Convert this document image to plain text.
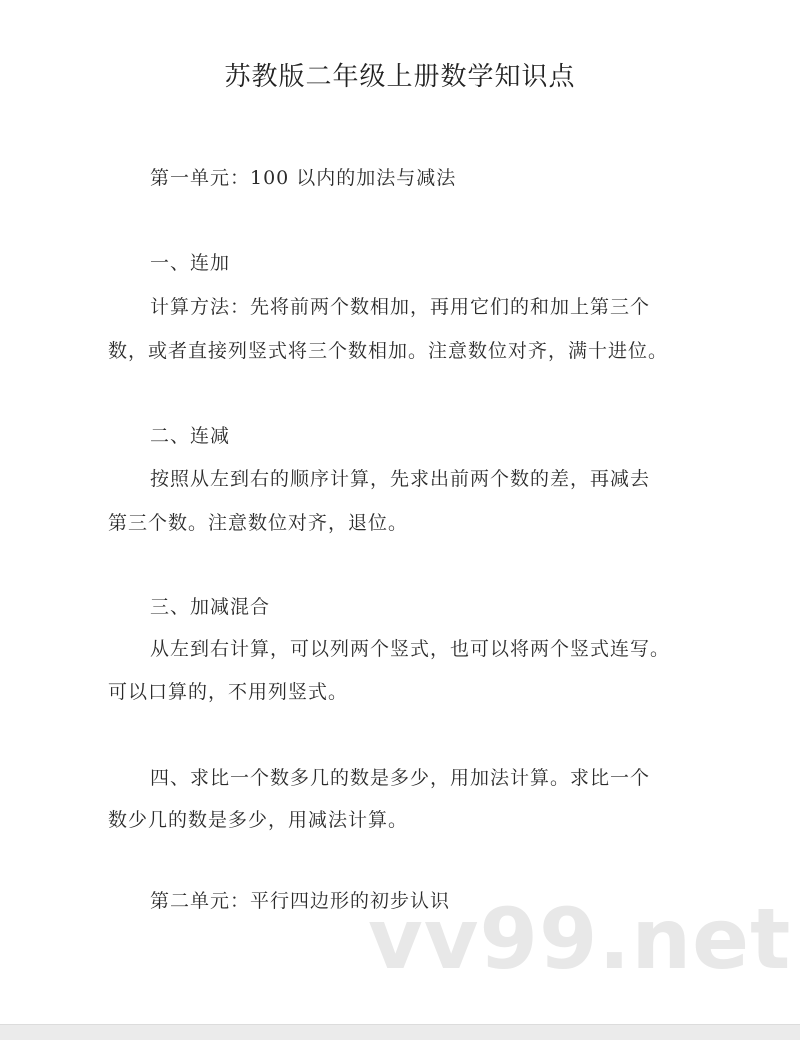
苏教版二年级上册数学知识点
第一单元：100 以内的加法与减法
一、连加
计算方法：先将前两个数相加，再用它们的和加上第三个
数，或者直接列竖式将三个数相加。注意数位对齐，满十进位。
二、连减
按照从左到右的顺序计算，先求出前两个数的差，再减去
第三个数。注意数位对齐，退位。
三、加减混合
从左到右计算，可以列两个竖式，也可以将两个竖式连写。
可以口算的，不用列竖式。
四、求比一个数多几的数是多少，用加法计算。求比一个
数少几的数是多少，用减法计算。
第二单元：平行四边形的初步认识
vv99.net
